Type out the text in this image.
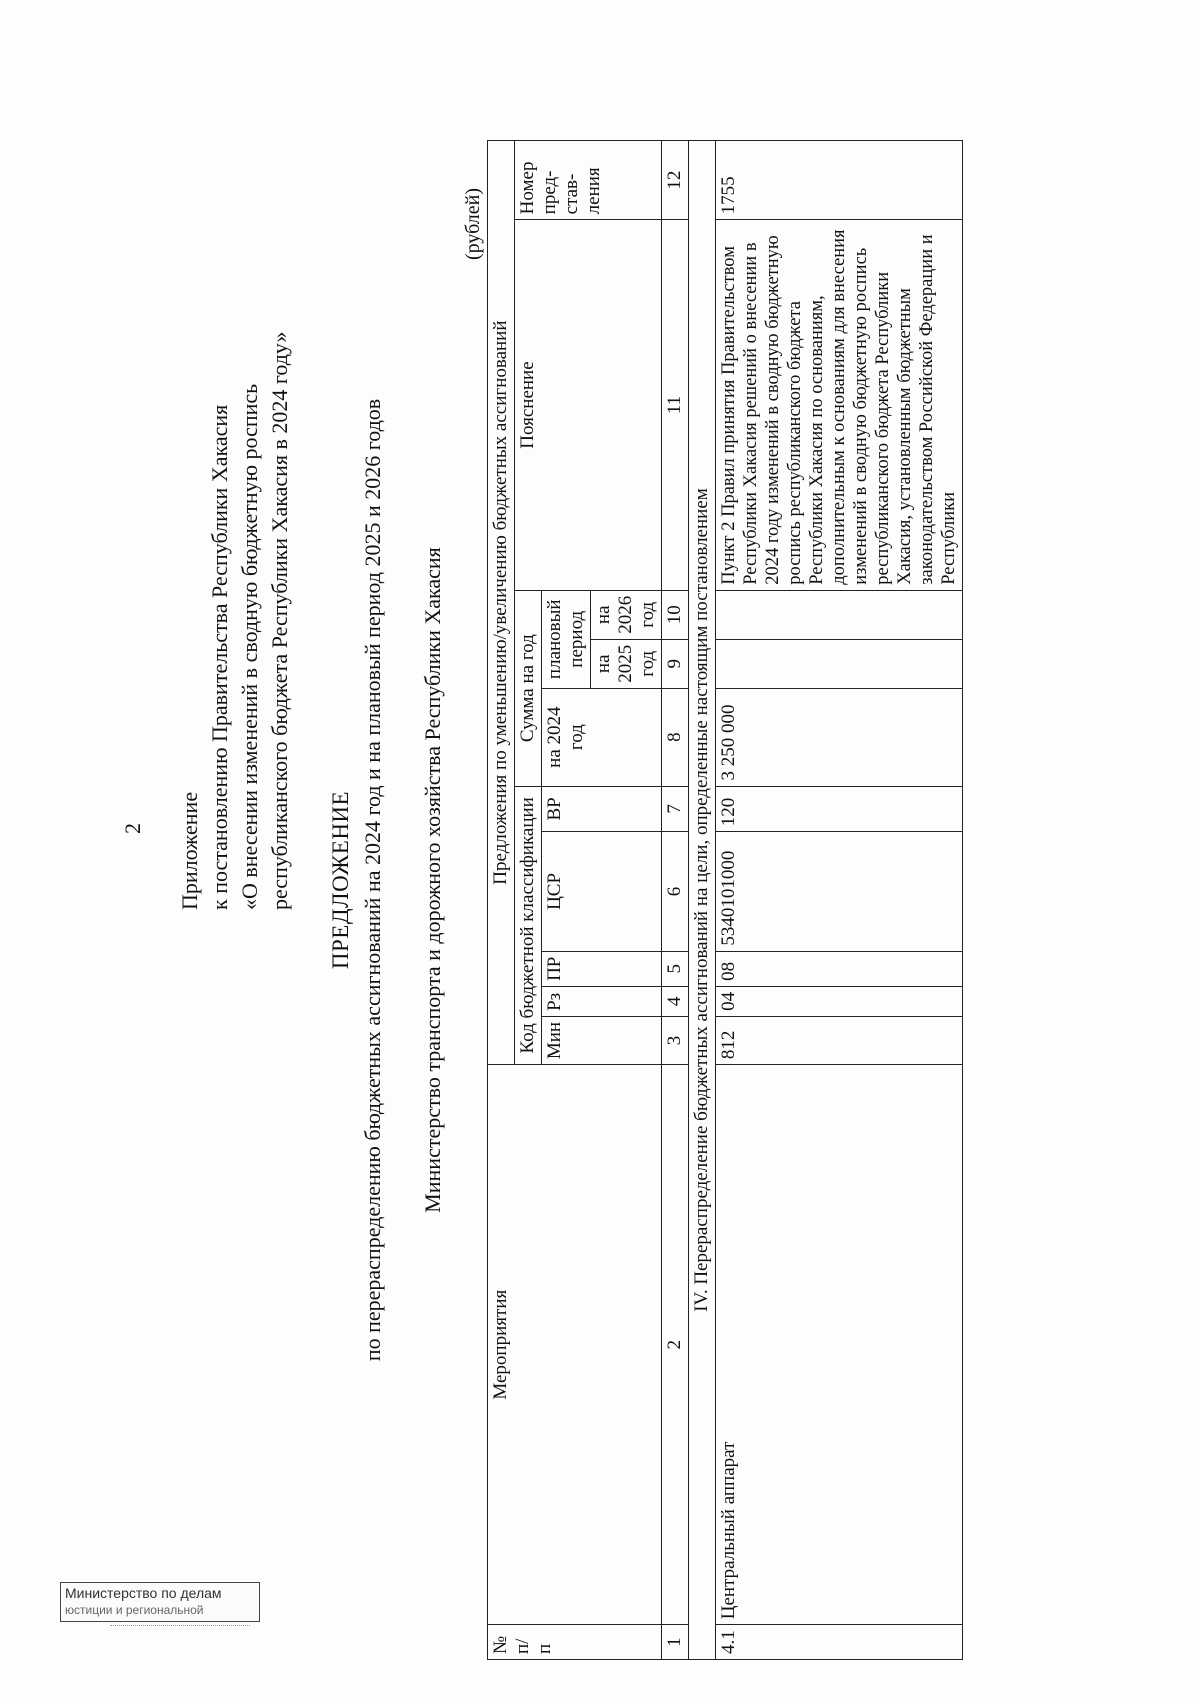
2 Приложение к постановлению Правительства Республики Хакасия «О внесении изменений в сводную бюджетную роспись республиканского бюджета Республики Хакасия в 2024 году» ПРЕДЛОЖЕНИЕ по перераспределению бюджетных ассигнований на 2024 год и на плановый период 2025 и 2026 годов Министерство транспорта и дорожного хозяйства Республики Хакасия
(рублей)
№ п/п	Мероприятия	Предложения по уменьшению/увеличению бюджетных ассигнований									
		Код бюджетной классификации					Сумма на год			Пояснение	Номер пред-став-ления
		Мин	Рз	ПР	ЦСР	ВР	на 2024 год	плановый период			
								на 2025 год	на 2026 год		
1	2	3	4	5	6	7	8	9	10	11	12
IV. Перераспределение бюджетных ассигнований на цели, определенные настоящим постановлением											
4.1	Центральный аппарат	812	04	08	5340101000	120	3 250 000			Пункт 2 Правил принятия Правительством Республики Хакасия решений о внесении в 2024 году изменений в сводную бюджетную роспись республиканского бюджета Республики Хакасия по основаниям, дополнительным к основаниям для внесения изменений в сводную бюджетную роспись республиканского бюджета Республики Хакасия, установленным бюджетным законодательством Российской Федерации и Республики	1755
Министерство по делам
юстиции и региональной
